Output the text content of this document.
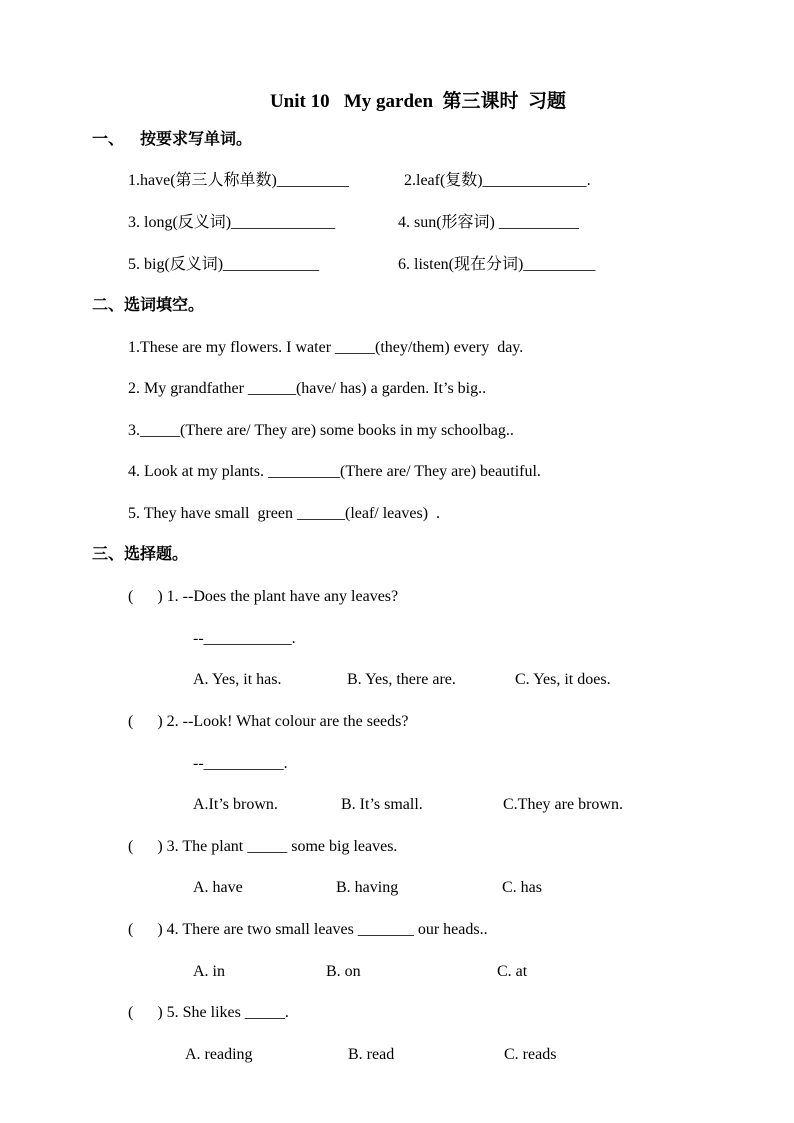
Unit 10   My garden  第三课时  习题
一、 按要求写单词。
1.have(第三人称单数)_________	2.leaf(复数)_____________.
3. long(反义词)_____________	4. sun(形容词) __________
5. big(反义词)____________	6. listen(现在分词)_________
二、选词填空。
1.These are my flowers. I water _____(they/them) every  day.
2. My grandfather ______(have/ has) a garden. It’s big..
3._____(There are/ They are) some books in my schoolbag..
4. Look at my plants. _________(There are/ They are) beautiful.
5. They have small  green ______(leaf/ leaves)  .
三、选择题。
(      ) 1. --Does the plant have any leaves?
--___________.
A. Yes, it has.	B. Yes, there are.	C. Yes, it does.
(      ) 2. --Look! What colour are the seeds?
--__________.
A.It’s brown.	B. It’s small.	C.They are brown.
(      ) 3. The plant _____ some big leaves.
A. have	B. having	C. has
(      ) 4. There are two small leaves _______ our heads..
A. in	B. on	C. at
(      ) 5. She likes _____.
A. reading	B. read	C. reads
